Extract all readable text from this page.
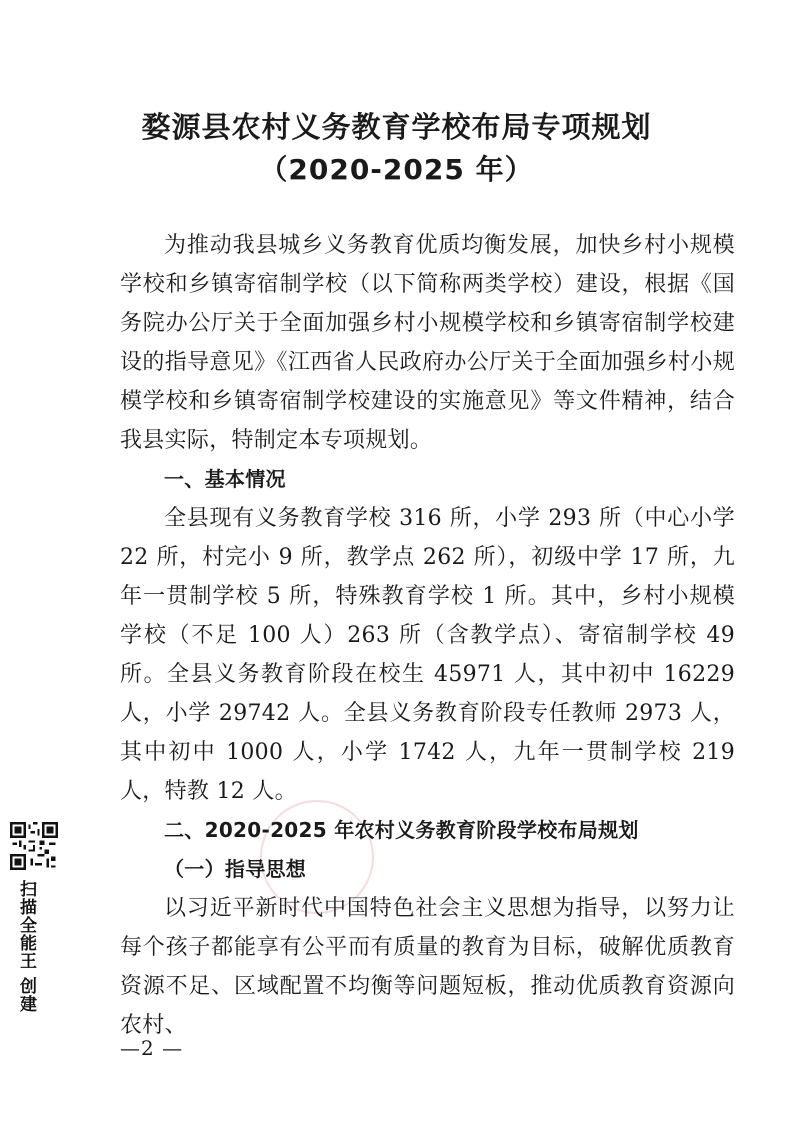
婺源县农村义务教育学校布局专项规划
（2020-2025 年）

为推动我县城乡义务教育优质均衡发展，加快乡村小规模学校和乡镇寄宿制学校（以下简称两类学校）建设，根据《国务院办公厅关于全面加强乡村小规模学校和乡镇寄宿制学校建设的指导意见》《江西省人民政府办公厅关于全面加强乡村小规模学校和乡镇寄宿制学校建设的实施意见》等文件精神，结合我县实际，特制定本专项规划。

一、基本情况

全县现有义务教育学校 316 所，小学 293 所（中心小学 22 所，村完小 9 所，教学点 262 所），初级中学 17 所，九年一贯制学校 5 所，特殊教育学校 1 所。其中，乡村小规模学校（不足 100 人）263 所（含教学点）、寄宿制学校 49 所。全县义务教育阶段在校生 45971 人，其中初中 16229 人，小学 29742 人。全县义务教育阶段专任教师 2973 人，其中初中 1000 人，小学 1742 人，九年一贯制学校 219 人，特教 12 人。

二、2020-2025 年农村义务教育阶段学校布局规划

（一）指导思想

以习近平新时代中国特色社会主义思想为指导，以努力让每个孩子都能享有公平而有质量的教育为目标，破解优质教育资源不足、区域配置不均衡等问题短板，推动优质教育资源向农村、

扫描全能王 创建
—2 —
